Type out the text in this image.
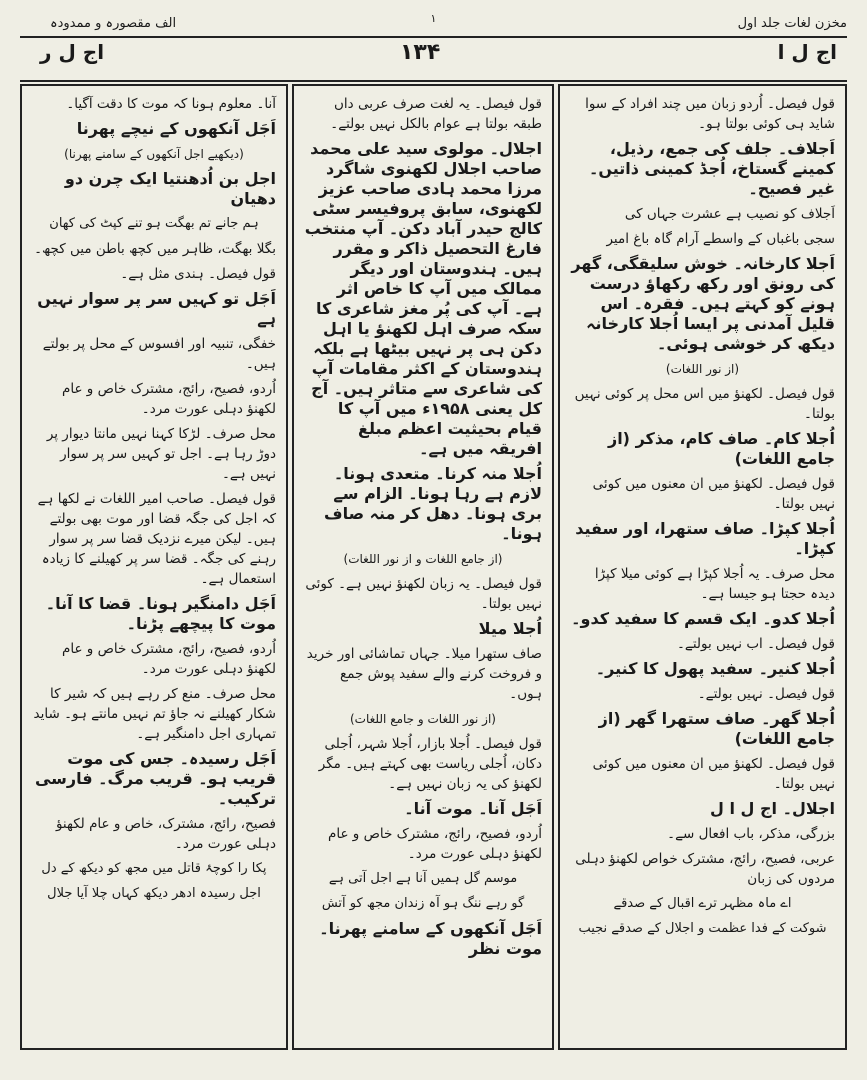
مخزن لغات جلد اول
١
الف مقصورہ و ممدودہ
اج ل ا
۱۳۴
اج ل ر

قول فیصل۔ اُردو زبان میں چند افراد کے سوا شاید ہی کوئی بولتا ہو۔

اَجلاف۔ جلف کی جمع، رذیل، کمینے گستاخ، اُجڈ کمینی ذاتیں۔ غیر فصیح۔

اَجلاف کو نصیب ہے عشرت جہاں کی

سجی باغباں کے واسطے آرام گاہ باغ امیر

اَجلا کارخانہ۔ خوش سلیقگی، گھر کی رونق اور رکھ رکھاؤ درست ہونے کو کہتے ہیں۔ فقرہ۔ اس قلیل آمدنی پر ایسا اُجلا کارخانہ دیکھ کر خوشی ہوئی۔

(از نور اللغات)

قول فیصل۔ لکھنؤ میں اس محل پر کوئی نہیں بولتا۔

اُجلا کام۔ صاف کام، مذکر (از جامع اللغات)

قول فیصل۔ لکھنؤ میں ان معنوں میں کوئی نہیں بولتا۔

اُجلا کپڑا۔ صاف ستھرا، اور سفید کپڑا۔

محل صرف۔ یہ اُجلا کپڑا ہے کوئی میلا کپڑا دیدہ حجتا ہو جیسا ہے۔

اُجلا کدو۔ ایک قسم کا سفید کدو۔

قول فیصل۔ اب نہیں بولتے۔

اُجلا کنیر۔ سفید پھول کا کنیر۔

قول فیصل۔ نہیں بولتے۔

اُجلا گھر۔ صاف ستھرا گھر (از جامع اللغات)

قول فیصل۔ لکھنؤ میں ان معنوں میں کوئی نہیں بولتا۔

اجلال۔ اج ل ا ل

بزرگی، مذکر، باب افعال سے۔

عربی، فصیح، رائج، مشترک خواص لکھنؤ دہلی مردوں کی زبان

اے ماہ مظہر ترے اقبال کے صدقے

شوکت کے فدا عظمت و اجلال کے صدقے نجیب

قول فیصل۔ یہ لغت صرف عربی داں طبقہ بولتا ہے عوام بالکل نہیں بولتے۔

اجلال۔ مولوی سید علی محمد صاحب اجلال لکھنوی شاگرد مرزا محمد ہادی صاحب عزیز لکھنوی، سابق پروفیسر سٹی کالج حیدر آباد دکن۔ آپ منتخب فارغ التحصیل ذاکر و مقرر ہیں۔ ہندوستان اور دیگر ممالک میں آپ کا خاص اثر ہے۔ آپ کی پُر مغز شاعری کا سکہ صرف اہل لکھنؤ یا اہل دکن ہی پر نہیں بیٹھا ہے بلکہ ہندوستان کے اکثر مقامات آپ کی شاعری سے متاثر ہیں۔ آج کل یعنی ۱۹۵۸ء میں آپ کا قیام بحیثیت اعظم مبلغ افریقہ میں ہے۔

اُجلا منہ کرنا۔ متعدی ہونا۔ لازم ہے رہا ہونا۔ الزام سے بری ہونا۔ دھل کر منہ صاف ہونا۔

(از جامع اللغات و از نور اللغات)

قول فیصل۔ یہ زبان لکھنؤ نہیں ہے۔ کوئی نہیں بولتا۔

اُجلا میلا

صاف ستھرا میلا۔ جہاں تماشائی اور خرید و فروخت کرنے والے سفید پوش جمع ہوں۔

(از نور اللغات و جامع اللغات)

قول فیصل۔ اُجلا بازار، اُجلا شہر، اُجلی دکان، اُجلی ریاست بھی کہتے ہیں۔ مگر لکھنؤ کی یہ زبان نہیں ہے۔

اَجَل آنا۔ موت آنا۔

اُردو، فصیح، رائج، مشترک خاص و عام لکھنؤ دہلی عورت مرد۔

موسم گل ہمیں آنا ہے اجل آتی ہے

گو رہے ننگ ہو آہ زندان مجھ کو آتش

اَجَل آنکھوں کے سامنے پھرنا۔ موت نظر

آنا۔ معلوم ہونا کہ موت کا دقت آگیا۔

اَجَل آنکھوں کے نیچے پھرنا

(دیکھیے اجل آنکھوں کے سامنے پھرنا)

اجل بن اُدھنتیا ایک چرن دو دھیان

ہم جانے تم بھگت ہو تنے کپٹ کی کھان

بگلا بھگت، ظاہر میں کچھ باطن میں کچھ۔

قول فیصل۔ ہندی مثل ہے۔

اَجَل تو کہیں سر پر سوار نہیں ہے

خفگی، تنبیہ اور افسوس کے محل پر بولتے ہیں۔

اُردو، فصیح، رائج، مشترک خاص و عام لکھنؤ دہلی عورت مرد۔

محل صرف۔ لڑکا کہنا نہیں مانتا دیوار پر دوڑ رہا ہے۔ اجل تو کہیں سر پر سوار نہیں ہے۔

قول فیصل۔ صاحب امیر اللغات نے لکھا ہے کہ اجل کی جگہ قضا اور موت بھی بولتے ہیں۔ لیکن میرے نزدیک قضا سر پر سوار رہنے کی جگہ۔ قضا سر پر کھیلنے کا زیادہ استعمال ہے۔

اَجَل دامنگیر ہونا۔ قضا کا آنا۔ موت کا پیچھے پڑنا۔

اُردو، فصیح، رائج، مشترک خاص و عام لکھنؤ دہلی عورت مرد۔

محل صرف۔ منع کر رہے ہیں کہ شیر کا شکار کھیلنے نہ جاؤ تم نہیں مانتے ہو۔ شاید تمہاری اجل دامنگیر ہے۔

اَجَل رسیدہ۔ جس کی موت قریب ہو۔ قریب مرگ۔ فارسی ترکیب۔

فصیح، رائج، مشترک، خاص و عام لکھنؤ دہلی عورت مرد۔

پکا را کوچۂ قاتل میں مجھ کو دیکھ کے دل

اجل رسیدہ ادھر دیکھ کہاں چلا آیا جلال
